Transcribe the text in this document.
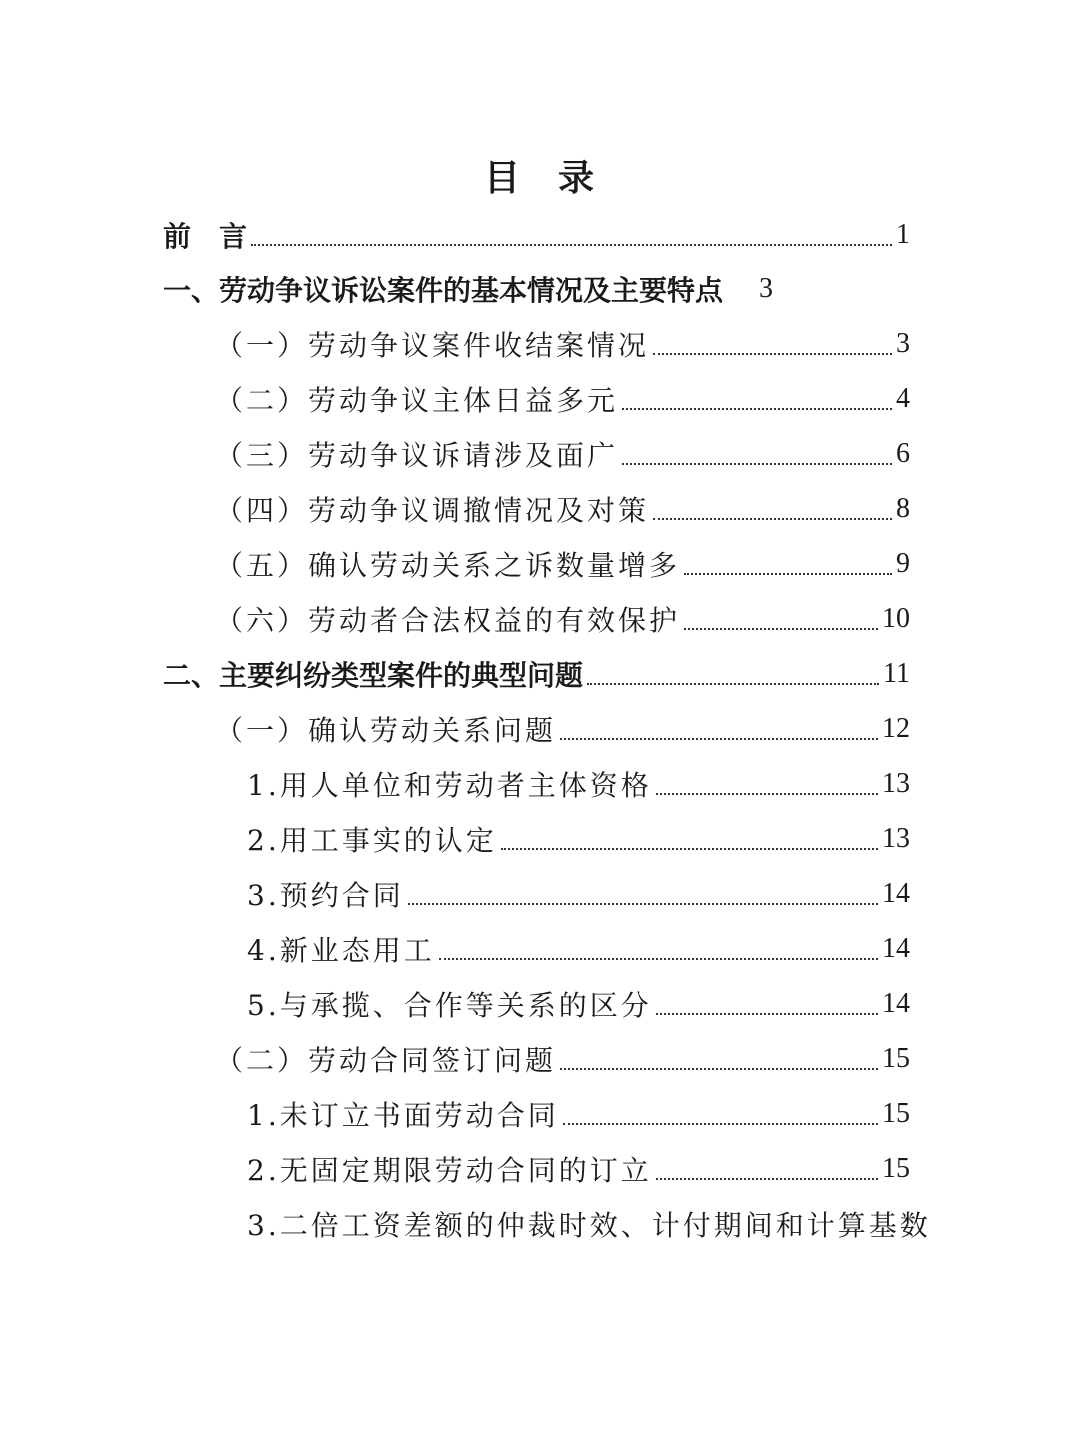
目 录
前　言	1
一、劳动争议诉讼案件的基本情况及主要特点 3
（一）劳动争议案件收结案情况	3
（二）劳动争议主体日益多元	4
（三）劳动争议诉请涉及面广	6
（四）劳动争议调撤情况及对策	8
（五）确认劳动关系之诉数量增多	9
（六）劳动者合法权益的有效保护	10
二、主要纠纷类型案件的典型问题	11
（一）确认劳动关系问题	12
1.用人单位和劳动者主体资格	13
2.用工事实的认定	13
3.预约合同	14
4.新业态用工	14
5.与承揽、合作等关系的区分	14
（二）劳动合同签订问题	15
1.未订立书面劳动合同	15
2.无固定期限劳动合同的订立	15
3.二倍工资差额的仲裁时效、计付期间和计算基数
